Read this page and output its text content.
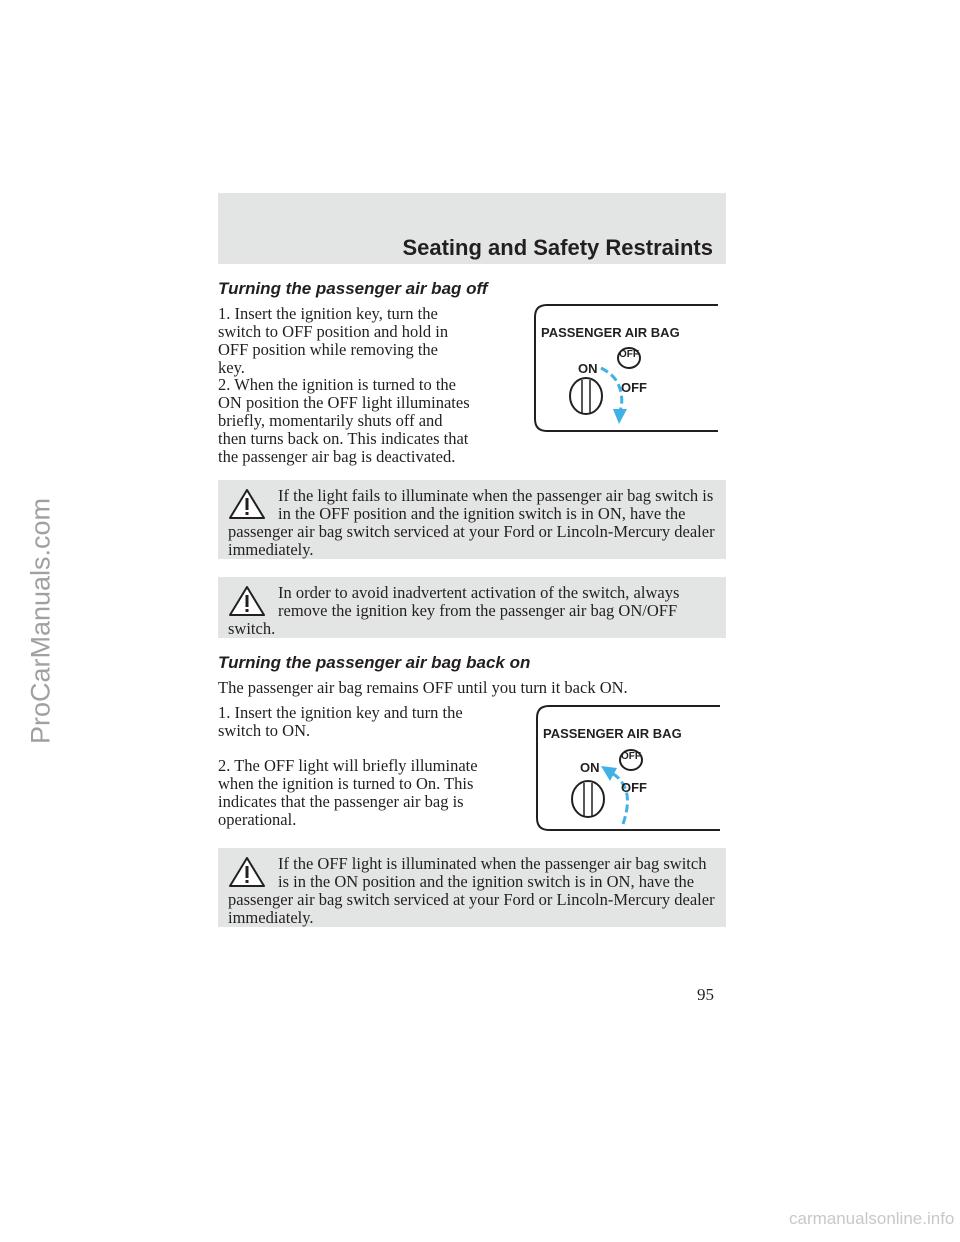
ProCarManuals.com
Seating and Safety Restraints
Turning the passenger air bag off

1. Insert the ignition key, turn the switch to OFF position and hold in OFF position while removing the key.

2. When the ignition is turned to the ON position the OFF light illuminates briefly, momentarily shuts off and then turns back on. This indicates that the passenger air bag is deactivated.

PASSENGER AIR BAG
ON
OFF
OFF

If the light fails to illuminate when the passenger air bag switch is in the OFF position and the ignition switch is in ON, have the passenger air bag switch serviced at your Ford or Lincoln-Mercury dealer immediately.

In order to avoid inadvertent activation of the switch, always remove the ignition key from the passenger air bag ON/OFF switch.

Turning the passenger air bag back on

The passenger air bag remains OFF until you turn it back ON.

1. Insert the ignition key and turn the switch to ON.

2. The OFF light will briefly illuminate when the ignition is turned to On. This indicates that the passenger air bag is operational.

PASSENGER AIR BAG
ON
OFF
OFF

If the OFF light is illuminated when the passenger air bag switch is in the ON position and the ignition switch is in ON, have the passenger air bag switch serviced at your Ford or Lincoln-Mercury dealer immediately.

95
carmanualsonline.info
